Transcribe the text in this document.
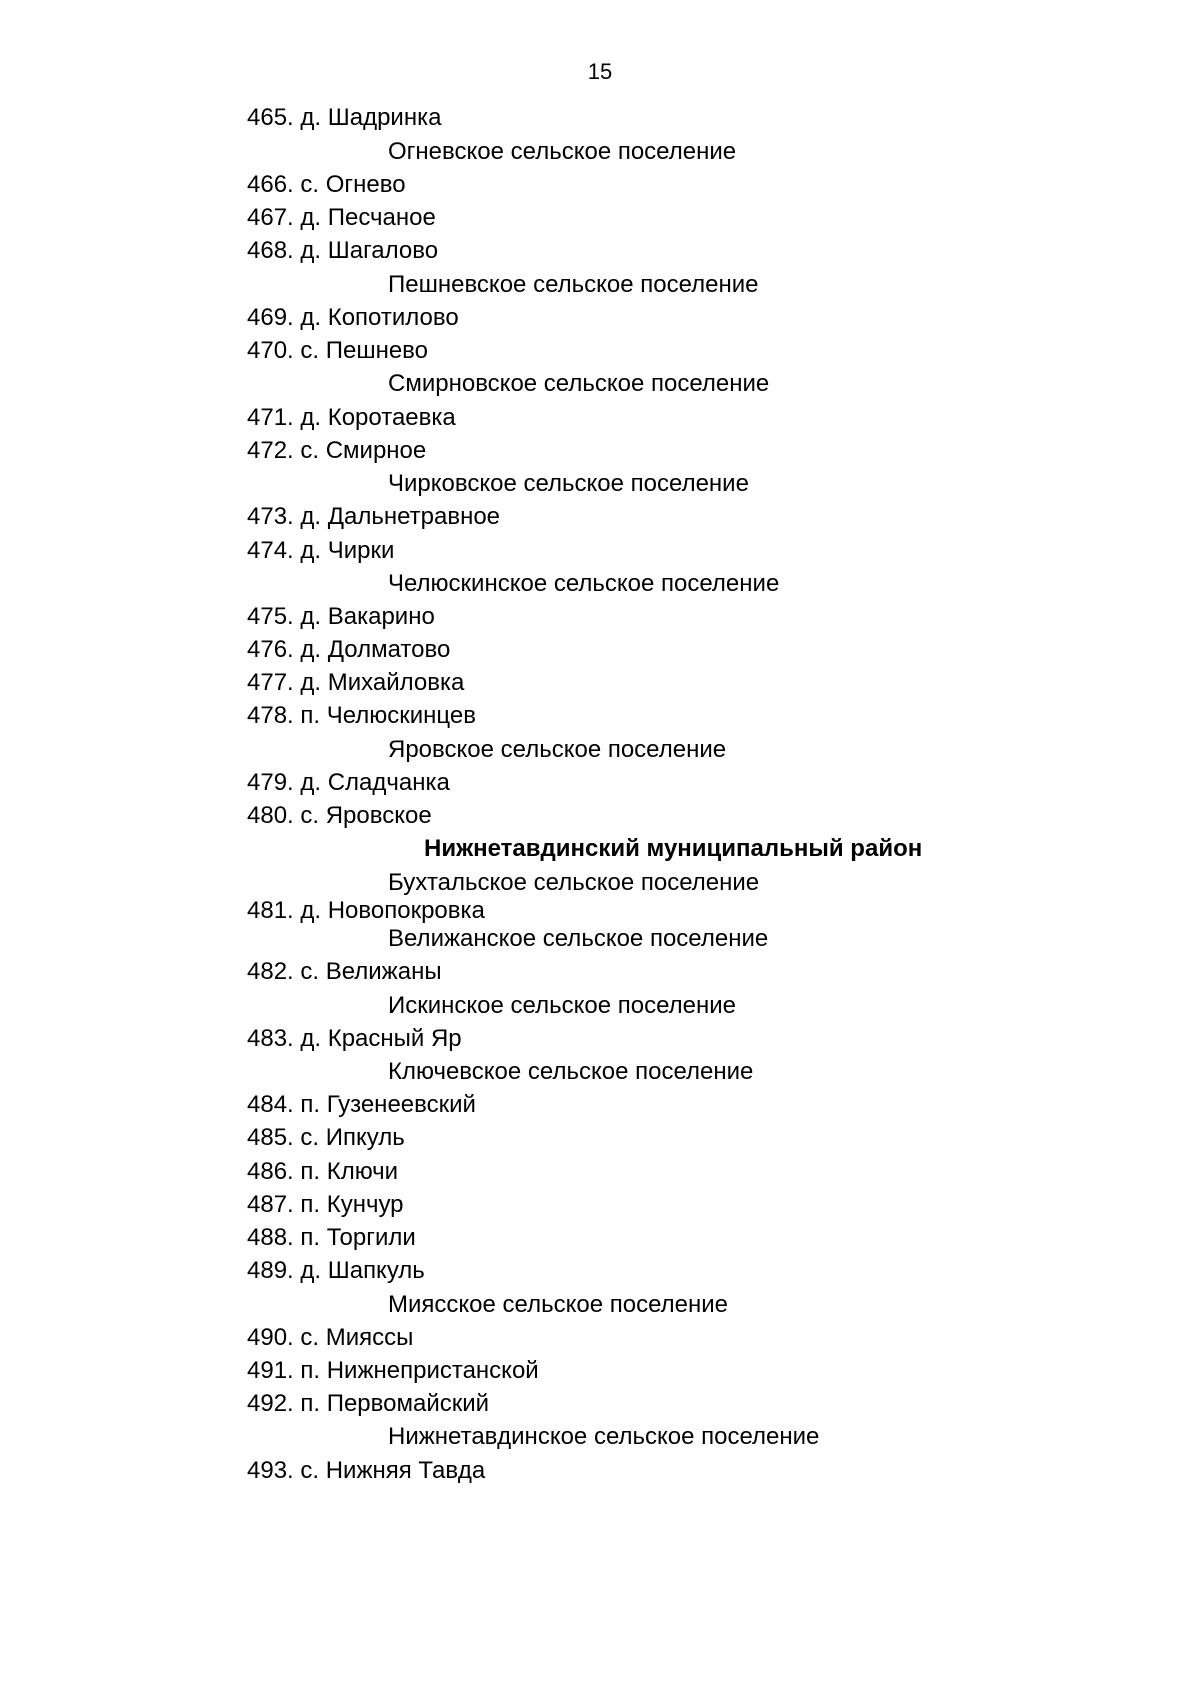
15
465. д. Шадринка
Огневское сельское поселение
466. с. Огнево
467. д. Песчаное
468. д. Шагалово
Пешневское сельское поселение
469. д. Копотилово
470. с. Пешнево
Смирновское сельское поселение
471. д. Коротаевка
472. с. Смирное
Чирковское сельское поселение
473. д. Дальнетравное
474. д. Чирки
Челюскинское сельское поселение
475. д. Вакарино
476. д. Долматово
477. д. Михайловка
478. п. Челюскинцев
Яровское сельское поселение
479. д. Сладчанка
480. с. Яровское
Нижнетавдинский муниципальный район
Бухтальское сельское поселение
481. д. Новопокровка
Велижанское сельское поселение
482. с. Велижаны
Искинское сельское поселение
483. д. Красный Яр
Ключевское сельское поселение
484. п. Гузенеевский
485. с. Ипкуль
486. п. Ключи
487. п. Кунчур
488. п. Торгили
489. д. Шапкуль
Миясское сельское поселение
490. с. Мияссы
491. п. Нижнепристанской
492. п. Первомайский
Нижнетавдинское сельское поселение
493. с. Нижняя Тавда
